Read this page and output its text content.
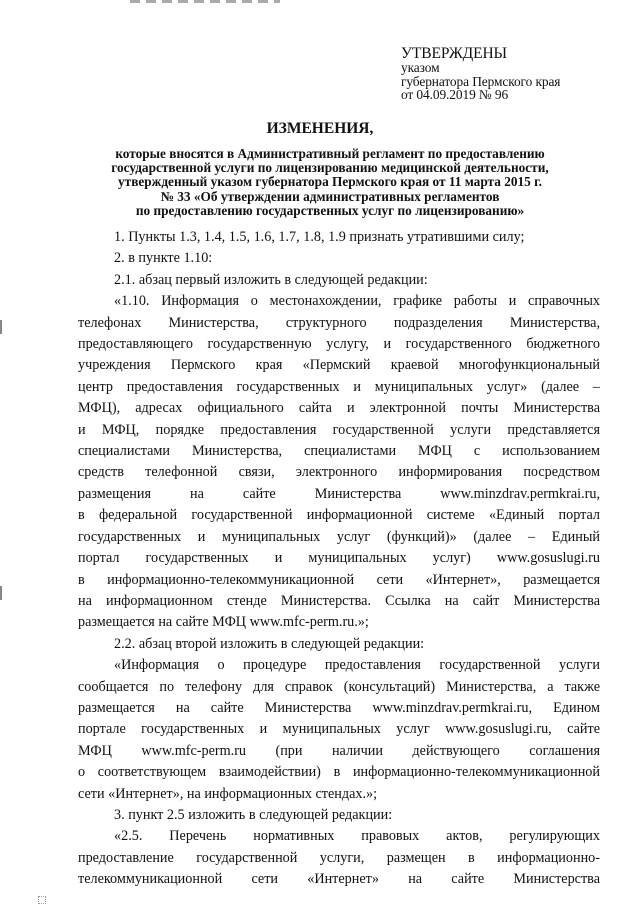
УТВЕРЖДЕНЫ
указом
губернатора Пермского края
от 04.09.2019 № 96
ИЗМЕНЕНИЯ,
которые вносятся в Административный регламент по предоставлению
государственной услуги по лицензированию медицинской деятельности,
утвержденный указом губернатора Пермского края от 11 марта 2015 г.
№ 33 «Об утверждении административных регламентов
по предоставлению государственных услуг по лицензированию»
1. Пункты 1.3, 1.4, 1.5, 1.6, 1.7, 1.8, 1.9 признать утратившими силу;
2. в пункте 1.10:
2.1. абзац первый изложить в следующей редакции:
«1.10. Информация о местонахождении, графике работы и справочных
телефонах Министерства, структурного подразделения Министерства,
предоставляющего государственную услугу, и государственного бюджетного
учреждения Пермского края «Пермский краевой многофункциональный
центр предоставления государственных и муниципальных услуг» (далее –
МФЦ), адресах официального сайта и электронной почты Министерства
и МФЦ, порядке предоставления государственной услуги представляется
специалистами Министерства, специалистами МФЦ с использованием
средств телефонной связи, электронного информирования посредством
размещения на сайте Министерства www.minzdrav.permkrai.ru,
в федеральной государственной информационной системе «Единый портал
государственных и муниципальных услуг (функций)» (далее – Единый
портал государственных и муниципальных услуг) www.gosuslugi.ru
в информационно-телекоммуникационной сети «Интернет», размещается
на информационном стенде Министерства. Ссылка на сайт Министерства
размещается на сайте МФЦ www.mfc-perm.ru.»;
2.2. абзац второй изложить в следующей редакции:
«Информация о процедуре предоставления государственной услуги
сообщается по телефону для справок (консультаций) Министерства, а также
размещается на сайте Министерства www.minzdrav.permkrai.ru, Едином
портале государственных и муниципальных услуг www.gosuslugi.ru, сайте
МФЦ www.mfc-perm.ru (при наличии действующего соглашения
о соответствующем взаимодействии) в информационно-телекоммуникационной
сети «Интернет», на информационных стендах.»;
3. пункт 2.5 изложить в следующей редакции:
«2.5. Перечень нормативных правовых актов, регулирующих
предоставление государственной услуги, размещен в информационно-
телекоммуникационной сети «Интернет» на сайте Министерства
